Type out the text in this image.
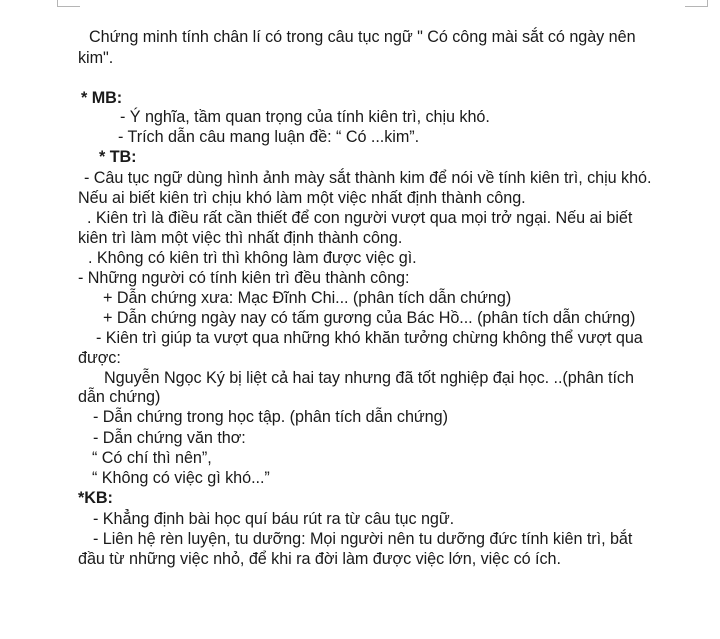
Chứng minh tính chân lí có trong câu tục ngữ " Có công mài sắt có ngày nên
kim".
* MB:
- Ý nghĩa, tầm quan trọng của tính kiên trì, chịu khó.
- Trích dẫn câu mang luận đề: “ Có ...kim”.
* TB:
- Câu tục ngữ dùng hình ảnh mày sắt thành kim để nói về tính kiên trì, chịu khó.
Nếu ai biết kiên trì chịu khó làm một việc nhất định thành công.
. Kiên trì là điều rất cần thiết để con người vượt qua mọi trở ngại. Nếu ai biết
kiên trì làm một việc thì nhất định thành công.
. Không có kiên trì thì không làm được việc gì.
- Những người có tính kiên trì đều thành công:
+ Dẫn chứng xưa: Mạc Đĩnh Chi... (phân tích dẫn chứng)
+ Dẫn chứng ngày nay có tấm gương của Bác Hồ... (phân tích dẫn chứng)
- Kiên trì giúp ta vượt qua những khó khăn tưởng chừng không thể vượt qua
được:
Nguyễn Ngọc Ký bị liệt cả hai tay nhưng đã tốt nghiệp đại học. ..(phân tích
dẫn chứng)
- Dẫn chứng trong học tập. (phân tích dẫn chứng)
- Dẫn chứng văn thơ:
“ Có chí thì nên”,
“ Không có việc gì khó...”
*KB:
- Khẳng định bài học quí báu rút ra từ câu tục ngữ.
- Liên hệ rèn luyện, tu dưỡng: Mọi người nên tu dưỡng đức tính kiên trì, bắt
đầu từ những việc nhỏ, để khi ra đời làm được việc lớn, việc có ích.
